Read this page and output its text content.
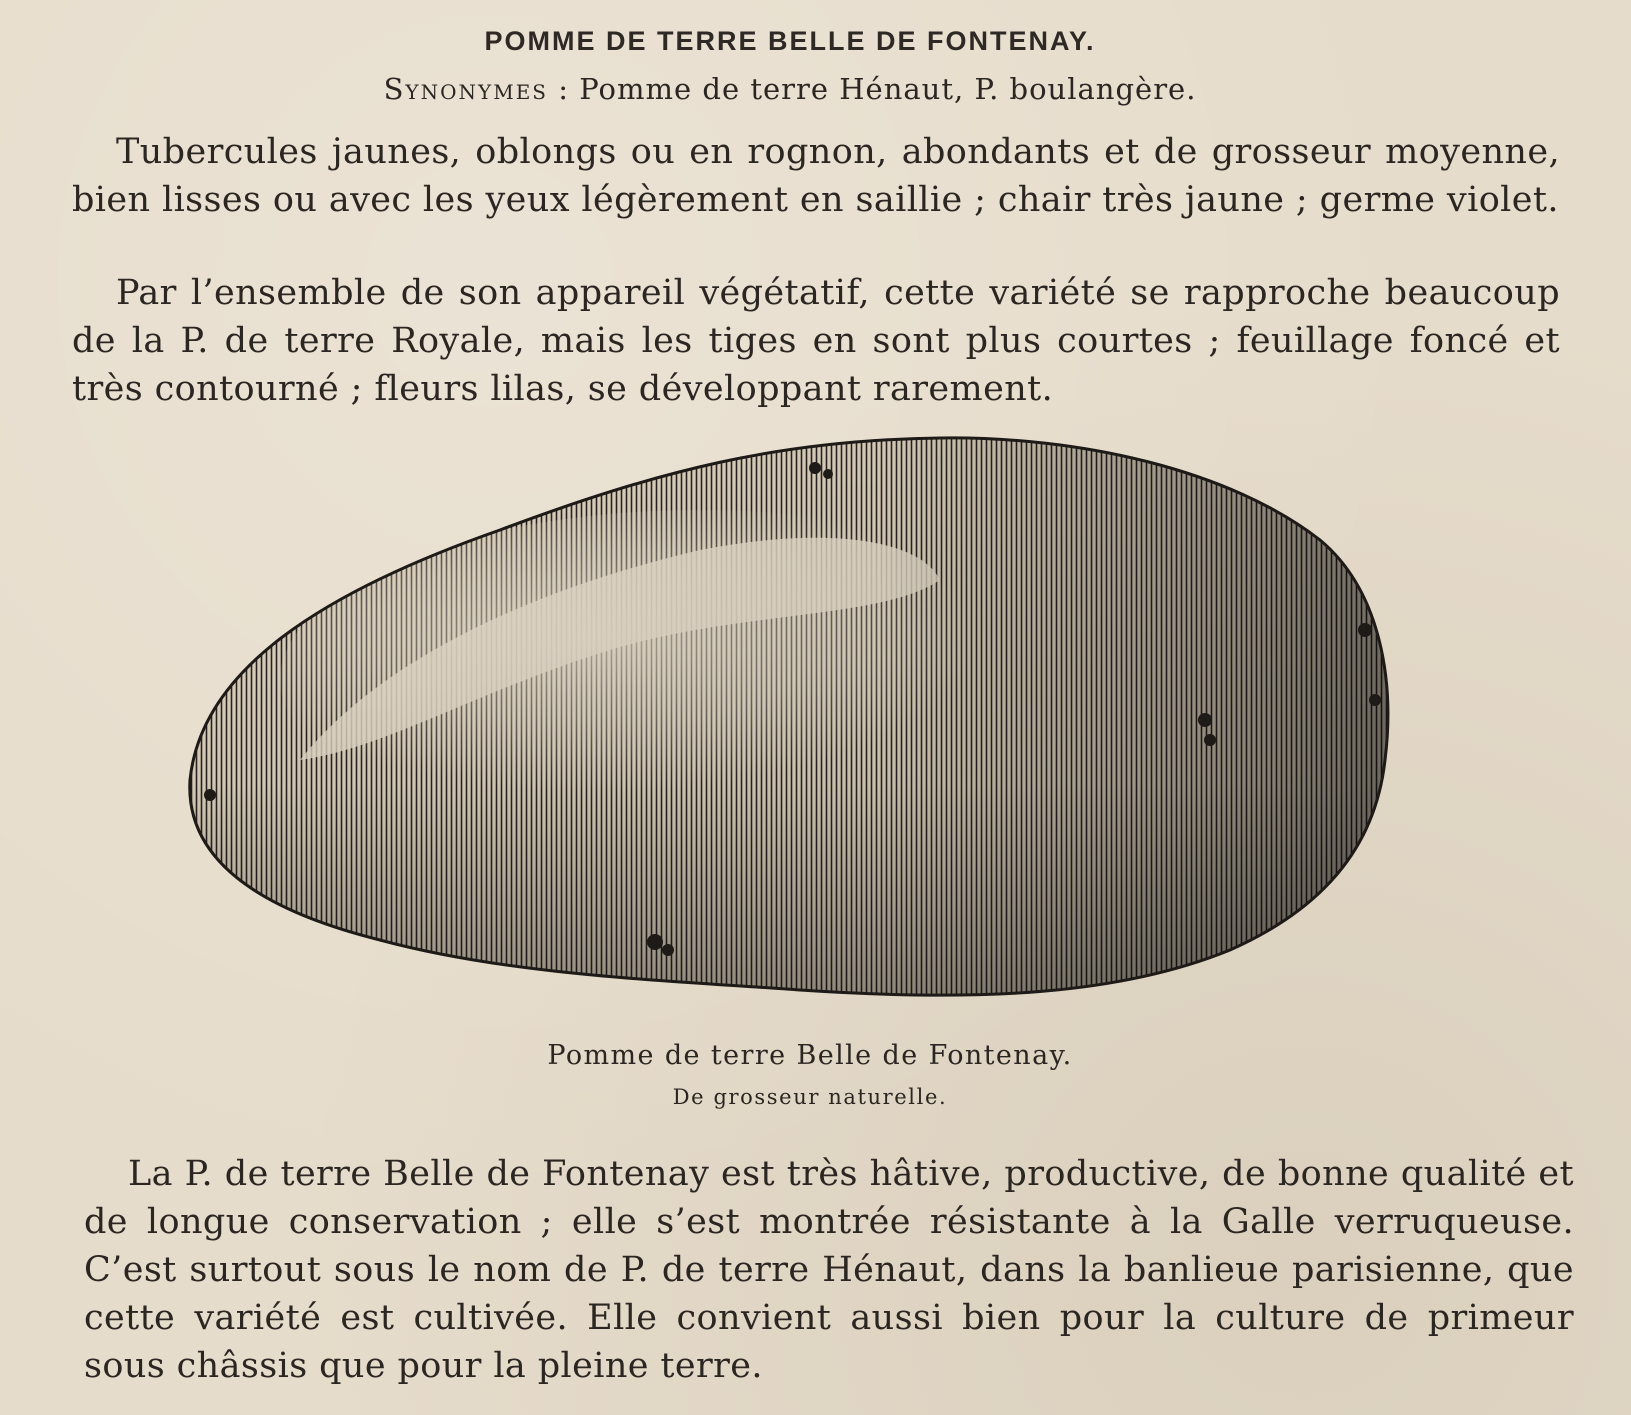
POMME DE TERRE BELLE DE FONTENAY.
Synonymes : Pomme de terre Hénaut, P. boulangère.

Tubercules jaunes, oblongs ou en rognon, abondants et de grosseur moyenne, bien lisses ou avec les yeux légèrement en saillie ; chair très jaune ; germe violet.

Par l’ensemble de son appareil végétatif, cette variété se rapproche beaucoup de la P. de terre Royale, mais les tiges en sont plus courtes ; feuillage foncé et très contourné ; fleurs lilas, se développant rarement.

Pomme de terre Belle de Fontenay.
De grosseur naturelle.

La P. de terre Belle de Fontenay est très hâtive, productive, de bonne qualité et de longue conservation ; elle s’est montrée résistante à la Galle verruqueuse. C’est surtout sous le nom de P. de terre Hénaut, dans la banlieue parisienne, que cette variété est cultivée. Elle convient aussi bien pour la culture de primeur sous châssis que pour la pleine terre.
